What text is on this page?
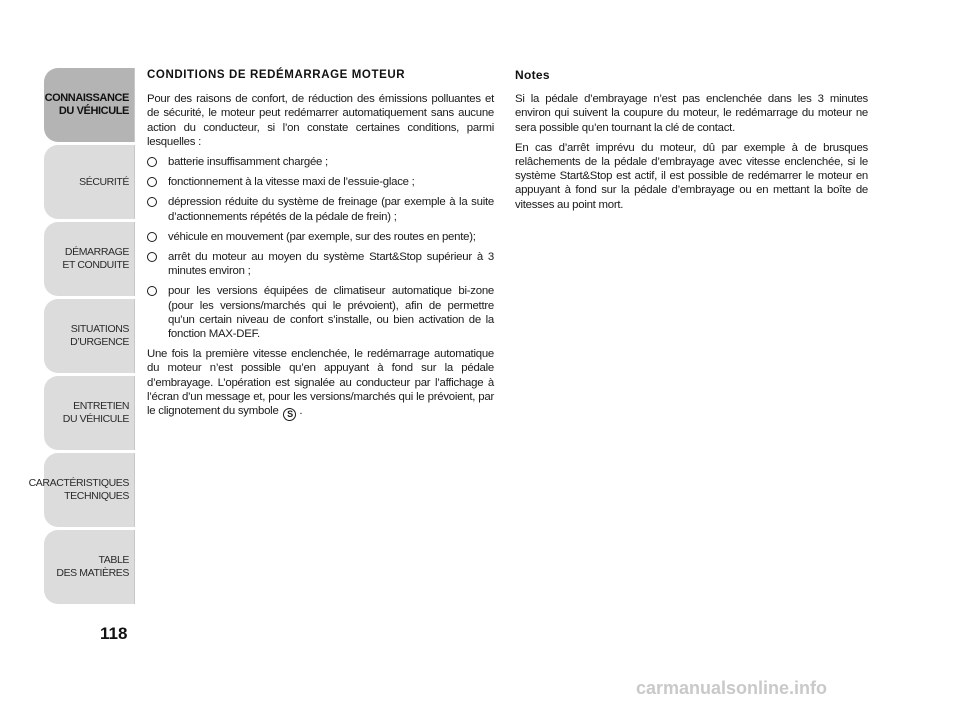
CONNAISSANCE
DU VÉHICULE
SÉCURITÉ
DÉMARRAGE
ET CONDUITE
SITUATIONS
D’URGENCE
ENTRETIEN
DU VÉHICULE
CARACTÉRISTIQUES
TECHNIQUES
TABLE
DES MATIÈRES
118
CONDITIONS DE REDÉMARRAGE MOTEUR

Pour des raisons de confort, de réduction des émissions polluantes et de sécurité, le moteur peut redémarrer automatiquement sans aucune action du conducteur, si l’on constate certaines conditions, parmi lesquelles :

batterie insuffisamment chargée ;
fonctionnement à la vitesse maxi de l’essuie-glace ;
dépression réduite du système de freinage (par exemple à la suite d’actionnements répétés de la pédale de frein) ;
véhicule en mouvement (par exemple, sur des routes en pente);
arrêt du moteur au moyen du système Start&Stop supérieur à 3 minutes environ ;
pour les versions équipées de climatiseur automatique bi-zone (pour les versions/marchés qui le prévoient), afin de permettre qu’un certain niveau de confort s’installe, ou bien activation de la fonction MAX-DEF.

Une fois la première vitesse enclenchée, le redémarrage automatique du moteur n’est possible qu’en appuyant à fond sur la pédale d’embrayage. L’opération est signalée au conducteur par l’affichage à l’écran d’un message et, pour les versions/marchés qui le prévoient, par le clignotement du symbole S .

Notes

Si la pédale d’embrayage n’est pas enclenchée dans les 3 minutes environ qui suivent la coupure du moteur, le redémarrage du moteur ne sera possible qu’en tournant la clé de contact.

En cas d’arrêt imprévu du moteur, dû par exemple à de brusques relâchements de la pédale d’embrayage avec vitesse enclenchée, si le système Start&Stop est actif, il est possible de redémarrer le moteur en appuyant à fond sur la pédale d’embrayage ou en mettant la boîte de vitesses au point mort.

carmanualsonline.info
